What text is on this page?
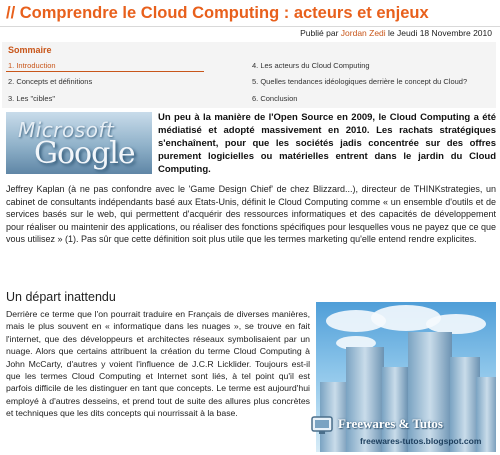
// Comprendre le Cloud Computing : acteurs et enjeux
Publié par Jordan Zedi le Jeudi 18 Novembre 2010
Sommaire
1. Introduction
2. Concepts et définitions
3. Les "cibles"
4. Les acteurs du Cloud Computing
5. Quelles tendances idéologiques derrière le concept du Cloud?
6. Conclusion
Microsoft
Google
Un peu à la manière de l'Open Source en 2009, le Cloud Computing a été médiatisé et adopté massivement en 2010. Les rachats stratégiques s'enchaînent, pour que les sociétés jadis concentrée sur des offres purement logicielles ou matérielles entrent dans le jardin du Cloud Computing.
Jeffrey Kaplan (à ne pas confondre avec le 'Game Design Chief' de chez Blizzard...), directeur de THINKstrategies, un cabinet de consultants indépendants basé aux Etats-Unis, définit le Cloud Computing comme « un ensemble d'outils et de services basés sur le web, qui permettent d'acquérir des ressources informatiques et des capacités de développement pour réaliser ou maintenir des applications, ou réaliser des fonctions spécifiques pour lesquelles vous ne payez que ce que vous utilisez » (1). Pas sûr que cette définition soit plus utile que les termes marketing qu'elle entend rendre explicites.
Un départ inattendu
Derrière ce terme que l'on pourrait traduire en Français de diverses manières, mais le plus souvent en « informatique dans les nuages », se trouve en fait l'internet, que des développeurs et architectes réseaux symbolisaient par un nuage. Alors que certains attribuent la création du terme Cloud Computing à John McCarty, d'autres y voient l'influence de J.C.R Licklider. Toujours est-il que les termes Cloud Computing et Internet sont liés, à tel point qu'il est parfois difficile de les distinguer en tant que concepts. Le terme est aujourd'hui employé à d'autres desseins, et prend tout de suite des allures plus concrètes et techniques que les dits concepts qui nourrissait à la base.
Freewares & Tutos
freewares-tutos.blogspot.com
